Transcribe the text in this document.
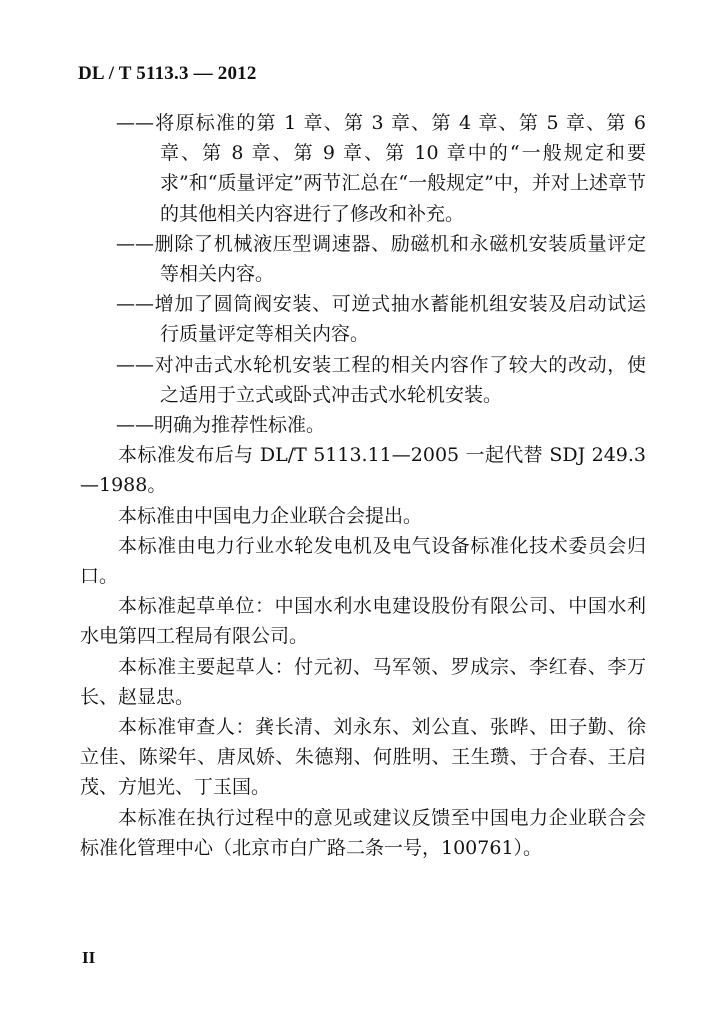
DL / T 5113.3 — 2012

——将原标准的第 1 章、第 3 章、第 4 章、第 5 章、第 6 章、第 8 章、第 9 章、第 10 章中的“一般规定和要求”和“质量评定”两节汇总在“一般规定”中，并对上述章节的其他相关内容进行了修改和补充。

——删除了机械液压型调速器、励磁机和永磁机安装质量评定等相关内容。

——增加了圆筒阀安装、可逆式抽水蓄能机组安装及启动试运行质量评定等相关内容。

——对冲击式水轮机安装工程的相关内容作了较大的改动，使之适用于立式或卧式冲击式水轮机安装。

——明确为推荐性标准。

本标准发布后与 DL/T 5113.11—2005 一起代替 SDJ 249.3—1988。

本标准由中国电力企业联合会提出。

本标准由电力行业水轮发电机及电气设备标准化技术委员会归口。

本标准起草单位：中国水利水电建设股份有限公司、中国水利水电第四工程局有限公司。

本标准主要起草人：付元初、马军领、罗成宗、李红春、李万长、赵显忠。

本标准审查人：龚长清、刘永东、刘公直、张晔、田子勤、徐立佳、陈梁年、唐凤娇、朱德翔、何胜明、王生瓒、于合春、王启茂、方旭光、丁玉国。

本标准在执行过程中的意见或建议反馈至中国电力企业联合会标准化管理中心（北京市白广路二条一号，100761）。

II
